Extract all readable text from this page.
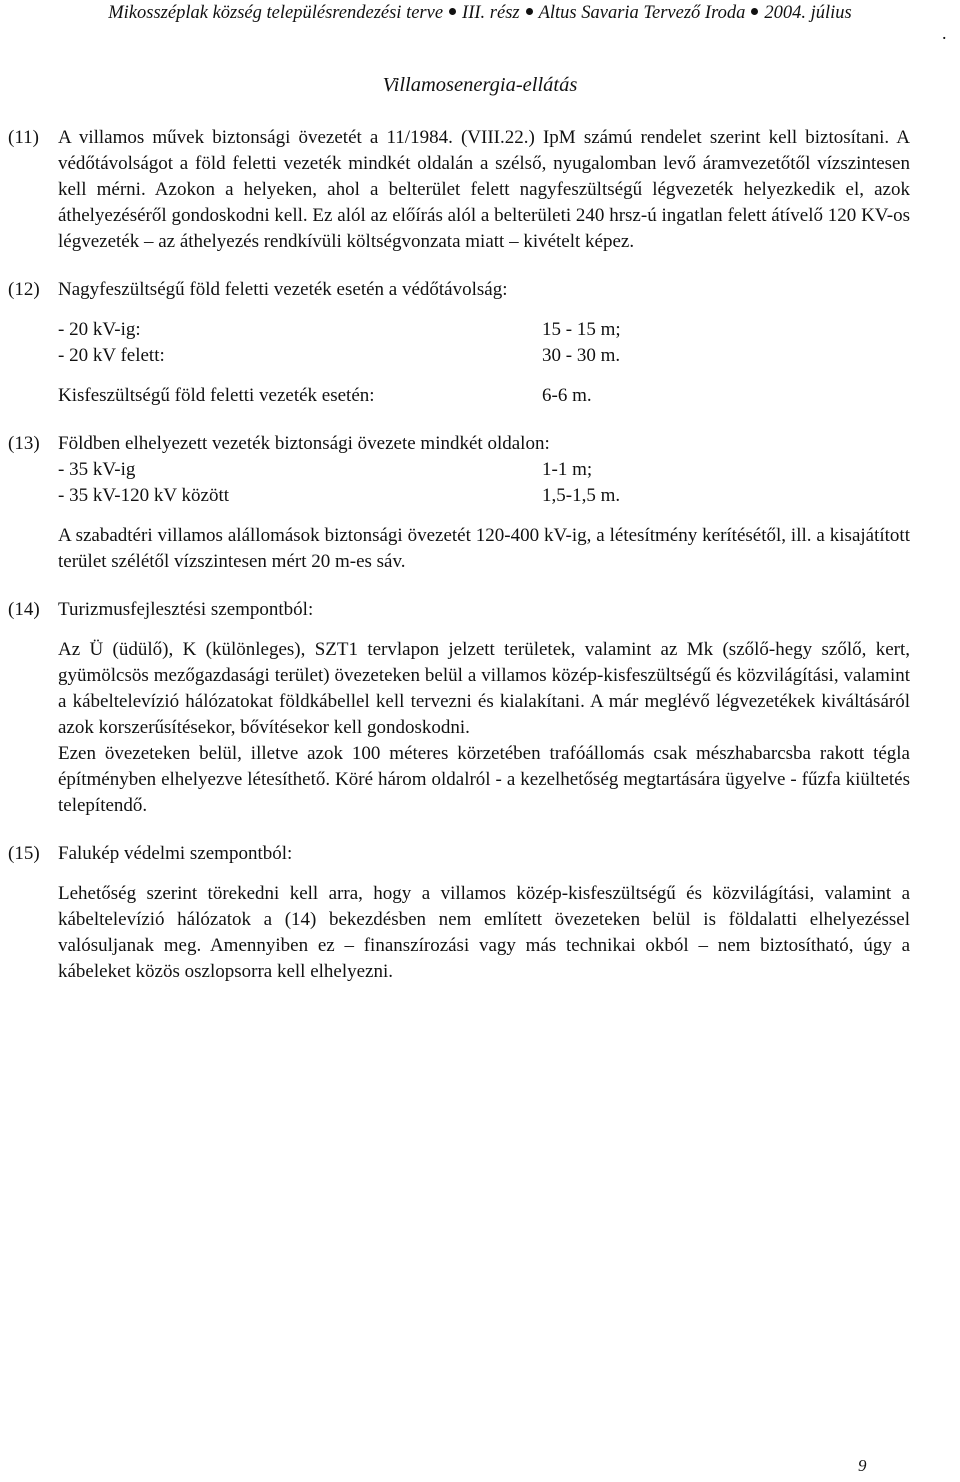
Mikosszéplak község településrendezési terve III. rész Altus Savaria Tervező Iroda 2004. július
.
Villamosenergia-ellátás
(11)	A villamos művek biztonsági övezetét a 11/1984. (VIII.22.) IpM számú rendelet szerint kell biztosítani. A védőtávolságot a föld feletti vezeték mindkét oldalán a szélső, nyugalomban levő áramvezetőtől vízszintesen kell mérni. Azokon a helyeken, ahol a belterület felett nagyfeszültségű légvezeték helyezkedik el, azok áthelyezéséről gondoskodni kell. Ez alól az előírás alól a belterületi 240 hrsz-ú ingatlan felett átívelő 120 KV-os légvezeték – az áthelyezés rendkívüli költségvonzata miatt – kivételt képez.

(12) Nagyfeszültségű föld feletti vezeték esetén a védőtávolság:
- 20 kV-ig:	15 - 15 m;
- 20 kV felett:	30 - 30 m.
Kisfeszültségű föld feletti vezeték esetén:	6-6 m.
(13) Földben elhelyezett vezeték biztonsági övezete mindkét oldalon:
- 35 kV-ig	1-1 m;
- 35 kV-120 kV között	1,5-1,5 m.

A szabadtéri villamos alállomások biztonsági övezetét 120-400 kV-ig, a létesítmény kerítésétől, ill. a kisajátított terület szélétől vízszintesen mért 20 m-es sáv.

(14) Turizmusfejlesztési szempontból:

Az Ü (üdülő), K (különleges), SZT1 tervlapon jelzett területek, valamint az Mk (szőlő-hegy szőlő, kert, gyümölcsös mezőgazdasági terület) övezeteken belül a villamos közép-kisfeszültségű és közvilágítási, valamint a kábeltelevízió hálózatokat földkábellel kell tervezni és kialakítani. A már meglévő légvezetékek kiváltásáról azok korszerűsítésekor, bővítésekor kell gondoskodni.

Ezen övezeteken belül, illetve azok 100 méteres körzetében trafóállomás csak mészhabarcsba rakott tégla építményben elhelyezve létesíthető. Köré három oldalról - a kezelhetőség megtartására ügyelve - fűzfa kiültetés telepítendő.

(15) Falukép védelmi szempontból:

Lehetőség szerint törekedni kell arra, hogy a villamos közép-kisfeszültségű és közvilágítási, valamint a kábeltelevízió hálózatok a (14) bekezdésben nem említett övezeteken belül is földalatti elhelyezéssel valósuljanak meg. Amennyiben ez – finanszírozási vagy más technikai okból – nem biztosítható, úgy a kábeleket közös oszlopsorra kell elhelyezni.

9
